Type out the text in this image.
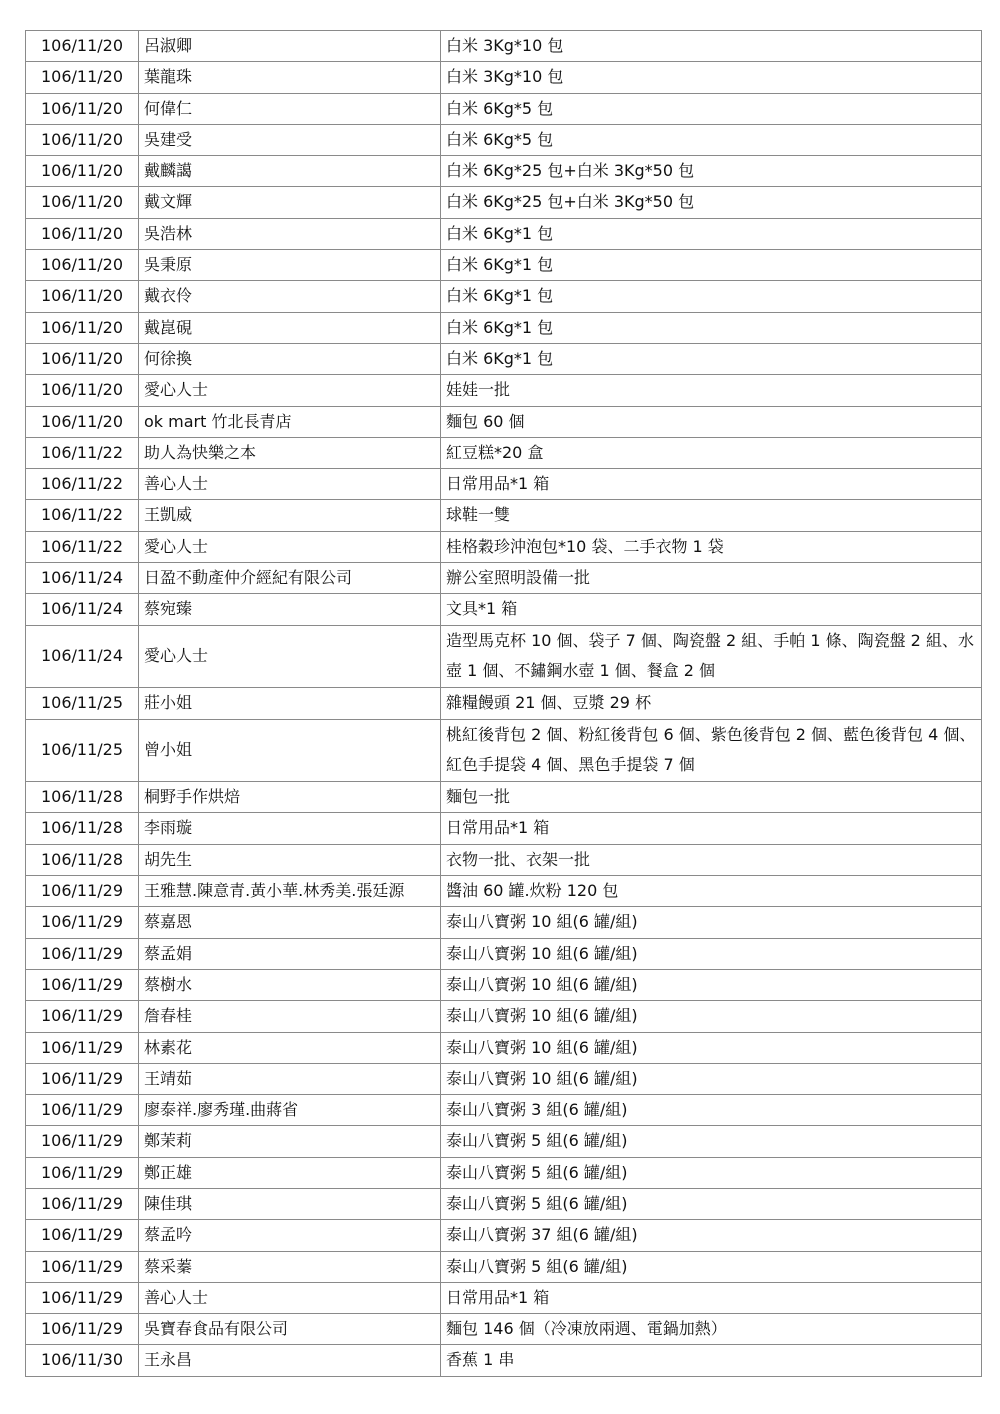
106/11/20	呂淑卿	白米 3Kg*10 包
106/11/20	葉龍珠	白米 3Kg*10 包
106/11/20	何偉仁	白米 6Kg*5 包
106/11/20	吳建受	白米 6Kg*5 包
106/11/20	戴麟譪	白米 6Kg*25 包+白米 3Kg*50 包
106/11/20	戴文輝	白米 6Kg*25 包+白米 3Kg*50 包
106/11/20	吳浩林	白米 6Kg*1 包
106/11/20	吳秉原	白米 6Kg*1 包
106/11/20	戴衣伶	白米 6Kg*1 包
106/11/20	戴崑硯	白米 6Kg*1 包
106/11/20	何徐換	白米 6Kg*1 包
106/11/20	愛心人士	娃娃一批
106/11/20	ok mart 竹北長青店	麵包 60 個
106/11/22	助人為快樂之本	紅豆糕*20 盒
106/11/22	善心人士	日常用品*1 箱
106/11/22	王凱威	球鞋一雙
106/11/22	愛心人士	桂格穀珍沖泡包*10 袋、二手衣物 1 袋
106/11/24	日盈不動產仲介經紀有限公司	辦公室照明設備一批
106/11/24	蔡宛臻	文具*1 箱
106/11/24	愛心人士	造型馬克杯 10 個、袋子 7 個、陶瓷盤 2 組、手帕 1 條、陶瓷盤 2 組、水壺 1 個、不鏽鋼水壺 1 個、餐盒 2 個
106/11/25	莊小姐	雜糧饅頭 21 個、豆漿 29 杯
106/11/25	曾小姐	桃紅後背包 2 個、粉紅後背包 6 個、紫色後背包 2 個、藍色後背包 4 個、紅色手提袋 4 個、黑色手提袋 7 個
106/11/28	桐野手作烘焙	麵包一批
106/11/28	李雨璇	日常用品*1 箱
106/11/28	胡先生	衣物一批、衣架一批
106/11/29	王雅慧.陳意青.黃小華.林秀美.張廷源	醬油 60 罐.炊粉 120 包
106/11/29	蔡嘉恩	泰山八寶粥 10 組(6 罐/組)
106/11/29	蔡孟娟	泰山八寶粥 10 組(6 罐/組)
106/11/29	蔡樹水	泰山八寶粥 10 組(6 罐/組)
106/11/29	詹春桂	泰山八寶粥 10 組(6 罐/組)
106/11/29	林素花	泰山八寶粥 10 組(6 罐/組)
106/11/29	王靖茹	泰山八寶粥 10 組(6 罐/組)
106/11/29	廖泰祥.廖秀瑾.曲蔣省	泰山八寶粥 3 組(6 罐/組)
106/11/29	鄭茉莉	泰山八寶粥 5 組(6 罐/組)
106/11/29	鄭正雄	泰山八寶粥 5 組(6 罐/組)
106/11/29	陳佳琪	泰山八寶粥 5 組(6 罐/組)
106/11/29	蔡孟吟	泰山八寶粥 37 組(6 罐/組)
106/11/29	蔡采蓁	泰山八寶粥 5 組(6 罐/組)
106/11/29	善心人士	日常用品*1 箱
106/11/29	吳寶春食品有限公司	麵包 146 個（冷凍放兩週、電鍋加熱）
106/11/30	王永昌	香蕉 1 串
